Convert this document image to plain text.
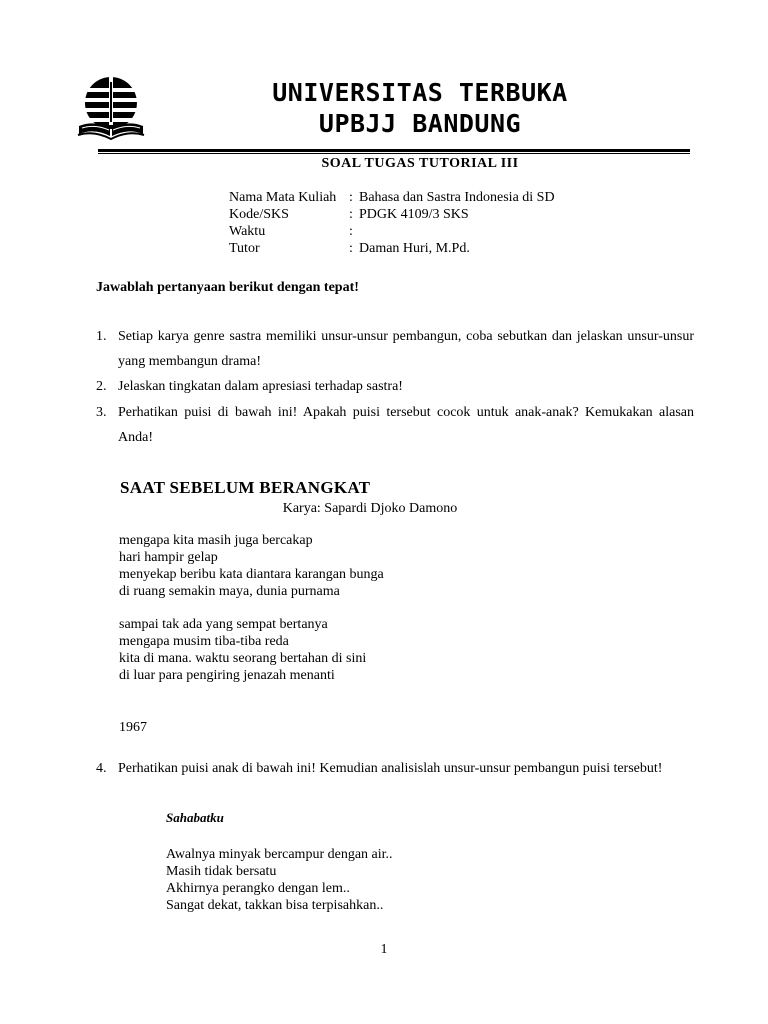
UNIVERSITAS TERBUKA
UPBJJ BANDUNG
SOAL TUGAS TUTORIAL III
Nama Mata Kuliah : Bahasa dan Sastra Indonesia di SD
Kode/SKS	: PDGK 4109/3 SKS
Waktu	:
Tutor	: Daman Huri, M.Pd.
Jawablah pertanyaan berikut dengan tepat!
1. Setiap karya genre sastra memiliki unsur-unsur pembangun, coba sebutkan dan jelaskan unsur-unsur yang membangun drama!
2. Jelaskan tingkatan dalam apresiasi terhadap sastra!
3. Perhatikan puisi di bawah ini! Apakah puisi tersebut cocok untuk anak-anak? Kemukakan alasan Anda!
SAAT SEBELUM BERANGKAT
Karya: Sapardi Djoko Damono
mengapa kita masih juga bercakap
hari hampir gelap
menyekap beribu kata diantara karangan bunga
di ruang semakin maya, dunia purnama
sampai tak ada yang sempat bertanya
mengapa musim tiba-tiba reda
kita di mana. waktu seorang bertahan di sini
di luar para pengiring jenazah menanti
1967
4. Perhatikan puisi anak di bawah ini! Kemudian analisislah unsur-unsur pembangun puisi tersebut!
Sahabatku
Awalnya minyak bercampur dengan air..
Masih tidak bersatu
Akhirnya perangko dengan lem..
Sangat dekat, takkan bisa terpisahkan..
1
